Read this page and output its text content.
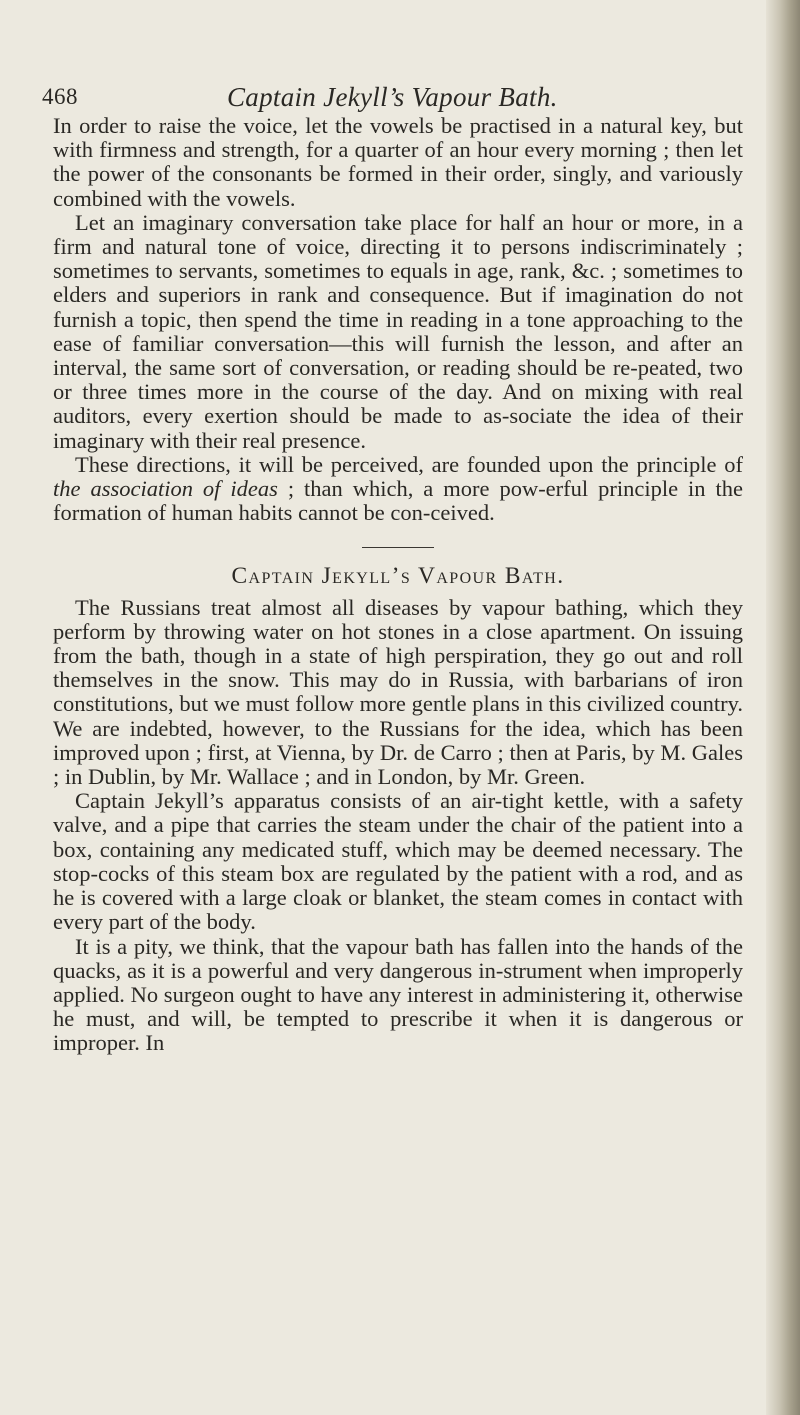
468	Captain Jekyll’s Vapour Bath.

In order to raise the voice, let the vowels be practised in a natural key, but with firmness and strength, for a quarter of an hour every morning ; then let the power of the consonants be formed in their order, singly, and variously combined with the vowels.

Let an imaginary conversation take place for half an hour or more, in a firm and natural tone of voice, directing it to persons indiscriminately ; sometimes to servants, sometimes to equals in age, rank, &c. ; sometimes to elders and superiors in rank and consequence. But if imagination do not furnish a topic, then spend the time in reading in a tone approaching to the ease of familiar conversation—this will furnish the lesson, and after an interval, the same sort of conversation, or reading should be re-peated, two or three times more in the course of the day. And on mixing with real auditors, every exertion should be made to as-sociate the idea of their imaginary with their real presence.

These directions, it will be perceived, are founded upon the principle of the association of ideas ; than which, a more pow-erful principle in the formation of human habits cannot be con-ceived.

Captain Jekyll’s Vapour Bath.

The Russians treat almost all diseases by vapour bathing, which they perform by throwing water on hot stones in a close apartment. On issuing from the bath, though in a state of high perspiration, they go out and roll themselves in the snow. This may do in Russia, with barbarians of iron constitutions, but we must follow more gentle plans in this civilized country. We are indebted, however, to the Russians for the idea, which has been improved upon ; first, at Vienna, by Dr. de Carro ; then at Paris, by M. Gales ; in Dublin, by Mr. Wallace ; and in London, by Mr. Green.

Captain Jekyll’s apparatus consists of an air-tight kettle, with a safety valve, and a pipe that carries the steam under the chair of the patient into a box, containing any medicated stuff, which may be deemed necessary. The stop-cocks of this steam box are regulated by the patient with a rod, and as he is covered with a large cloak or blanket, the steam comes in contact with every part of the body.

It is a pity, we think, that the vapour bath has fallen into the hands of the quacks, as it is a powerful and very dangerous in-strument when improperly applied. No surgeon ought to have any interest in administering it, otherwise he must, and will, be tempted to prescribe it when it is dangerous or improper. In
